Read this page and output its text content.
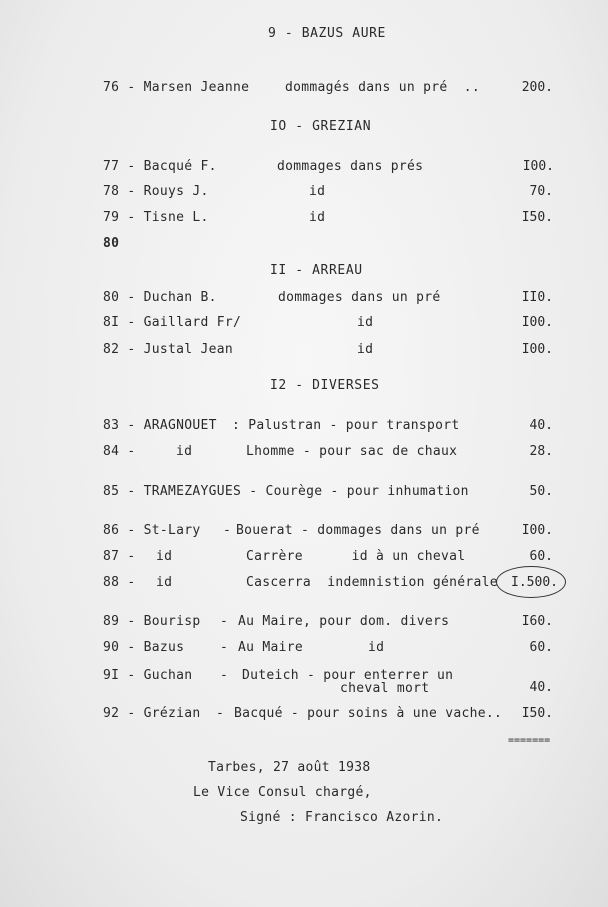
9 - BAZUS AURE
76 - Marsen Jeanne	dommagés dans un pré  ..	200.
IO - GREZIAN
77 - Bacqué F.	dommages dans prés	I00.
78 - Rouys J.	id	70.
79 - Tisne L.	id	I50.
80
II - ARREAU
80 - Duchan B.	dommages dans un pré	II0.
8I - Gaillard Fr/	id	I00.
82 - Justal Jean	id	I00.
I2 - DIVERSES
83 - ARAGNOUET : Palustran - pour transport	40.
84 -	id	Lhomme - pour sac de chaux	28.
85 - TRAMEZAYGUES - Courège - pour inhumation	50.
86 - St-Lary - Bouerat - dommages dans un pré	I00.
87 - id	Carrère      id à un cheval	60.
88 - id	Cascerra  indemnistion générale I.500.
89 - Bourisp - Au Maire, pour dom. divers	I60.
90 - Bazus	- Au Maire        id	60.
9I - Guchan - Duteich - pour enterrer un
cheval mort	40.
92 - Grézian - Bacqué - pour soins à une vache.. I50.
=======
Tarbes, 27 août 1938
Le Vice Consul chargé,
Signé : Francisco Azorin.
